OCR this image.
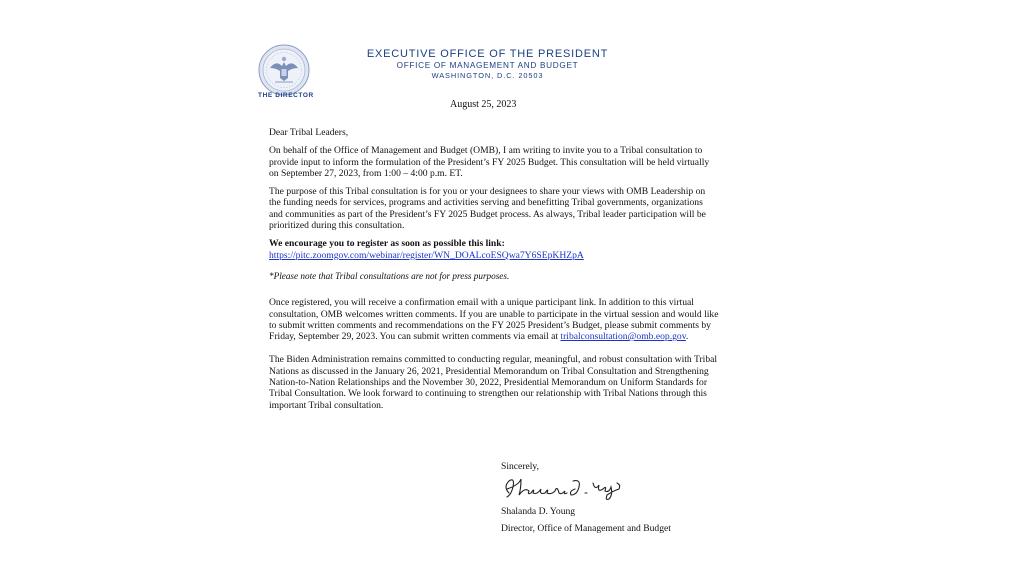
THE DIRECTOR
EXECUTIVE OFFICE OF THE PRESIDENT
OFFICE OF MANAGEMENT AND BUDGET
WASHINGTON, D.C. 20503
August 25, 2023

Dear Tribal Leaders,

On behalf of the Office of Management and Budget (OMB), I am writing to invite you to a Tribal consultation to provide input to inform the formulation of the President’s FY 2025 Budget. This consultation will be held virtually on September 27, 2023, from 1:00 – 4:00 p.m. ET.

The purpose of this Tribal consultation is for you or your designees to share your views with OMB Leadership on the funding needs for services, programs and activities serving and benefitting Tribal governments, organizations and communities as part of the President’s FY 2025 Budget process. As always, Tribal leader participation will be prioritized during this consultation.

We encourage you to register as soon as possible this link:
https://pitc.zoomgov.com/webinar/register/WN_DOALcoESQwa7Y6SEpKHZpA

*Please note that Tribal consultations are not for press purposes.

Once registered, you will receive a confirmation email with a unique participant link. In addition to this virtual consultation, OMB welcomes written comments. If you are unable to participate in the virtual session and would like to submit written comments and recommendations on the FY 2025 President’s Budget, please submit comments by Friday, September 29, 2023. You can submit written comments via email at tribalconsultation@omb.eop.gov.

The Biden Administration remains committed to conducting regular, meaningful, and robust consultation with Tribal Nations as discussed in the January 26, 2021, Presidential Memorandum on Tribal Consultation and Strengthening Nation-to-Nation Relationships and the November 30, 2022, Presidential Memorandum on Uniform Standards for Tribal Consultation. We look forward to continuing to strengthen our relationship with Tribal Nations through this important Tribal consultation.

Sincerely,
Shalanda D. Young
Director, Office of Management and Budget
